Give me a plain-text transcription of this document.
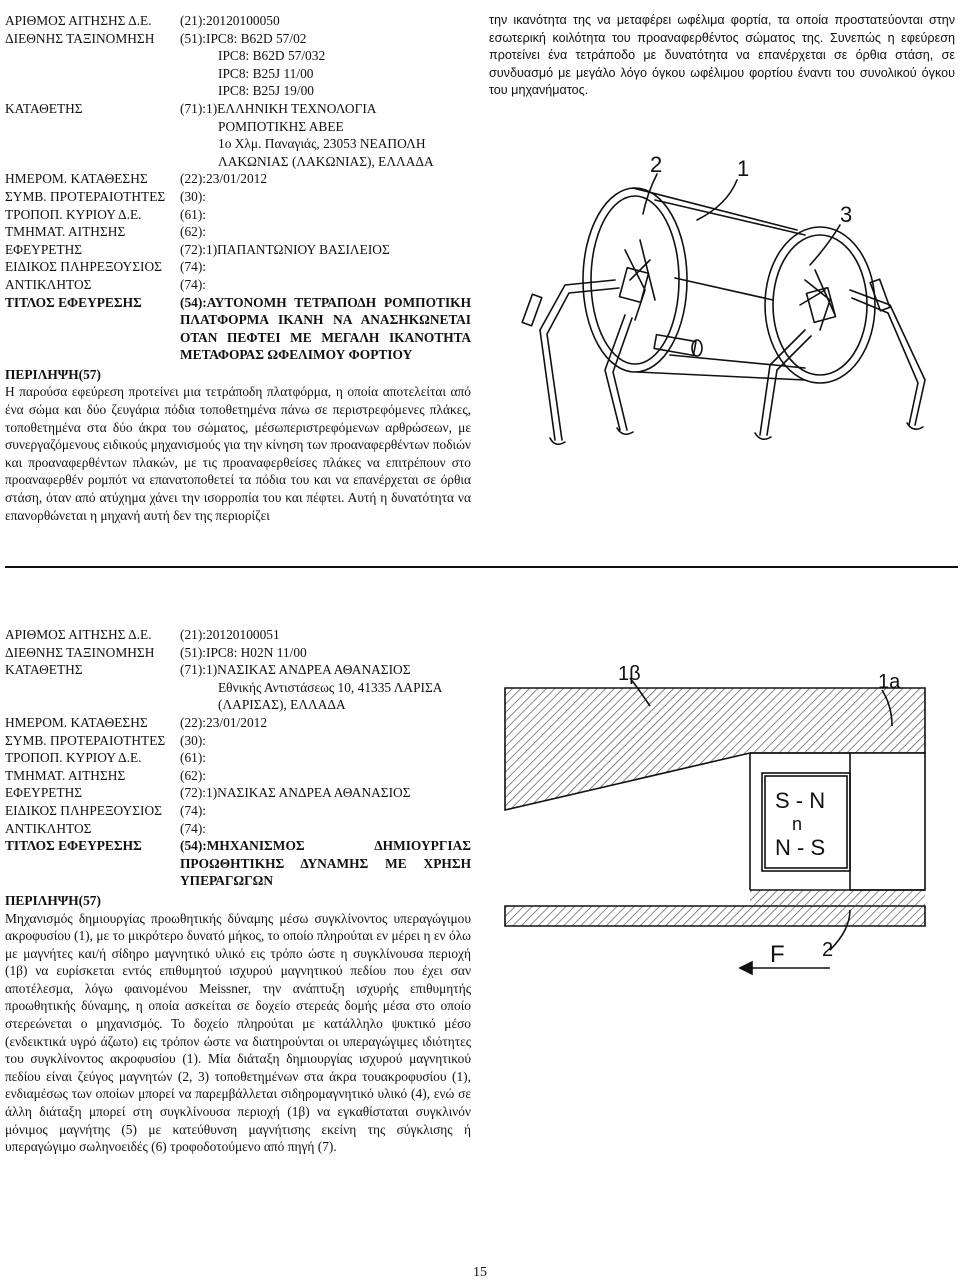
ΑΡΙΘΜΟΣ ΑΙΤΗΣΗΣ Δ.Ε.	(21):20120100050
ΔΙΕΘΝΗΣ ΤΑΞΙΝΟΜΗΣΗ	(51):IPC8: B62D 57/02
IPC8: B62D 57/032
IPC8: B25J 11/00
IPC8: B25J 19/00
ΚΑΤΑΘΕΤΗΣ	(71):1)ΕΛΛΗΝΙΚΗ ΤΕΧΝΟΛΟΓΙΑ
ΡΟΜΠΟΤΙΚΗΣ ΑΒΕΕ
1ο Χλμ. Παναγιάς, 23053 ΝΕΑΠΟΛΗ
ΛΑΚΩΝΙΑΣ (ΛΑΚΩΝΙΑΣ), ΕΛΛΑΔΑ
ΗΜΕΡΟΜ. ΚΑΤΑΘΕΣΗΣ	(22):23/01/2012
ΣΥΜΒ. ΠΡΟΤΕΡΑΙΟΤΗΤΕΣ	(30):
ΤΡΟΠΟΠ. ΚΥΡΙΟΥ Δ.Ε.	(61):
ΤΜΗΜΑΤ. ΑΙΤΗΣΗΣ	(62):
ΕΦΕΥΡΕΤΗΣ	(72):1)ΠΑΠΑΝΤΩΝΙΟΥ ΒΑΣΙΛΕΙΟΣ
ΕΙΔΙΚΟΣ ΠΛΗΡΕΞΟΥΣΙΟΣ	(74):
ΑΝΤΙΚΛΗΤΟΣ	(74):
ΤΙΤΛΟΣ ΕΦΕΥΡΕΣΗΣ	(54):ΑΥΤΟΝΟΜΗ ΤΕΤΡΑΠΟΔΗ ΡΟΜΠΟΤΙΚΗ ΠΛΑΤΦΟΡΜΑ ΙΚΑΝΗ ΝΑ ΑΝΑΣΗΚΩΝΕΤΑΙ ΟΤΑΝ ΠΕΦΤΕΙ ΜΕ ΜΕΓΑΛΗ ΙΚΑΝΟΤΗΤΑ ΜΕΤΑΦΟΡΑΣ ΩΦΕΛΙΜΟΥ ΦΟΡΤΙΟΥ
ΠΕΡΙΛΗΨΗ(57)

Η παρούσα εφεύρεση προτείνει μια τετράποδη πλατφόρμα, η οποία αποτελείται από ένα σώμα και δύο ζευγάρια πόδια τοποθετημένα πάνω σε περιστρεφόμενες πλάκες, τοποθετημένα στα δύο άκρα του σώματος, μέσωπεριστρεφόμενων αρθρώσεων, με συνεργαζόμενους ειδικούς μηχανισμούς για την κίνηση των προαναφερθέντων ποδιών και προαναφερθέντων πλακών, με τις προαναφερθείσες πλάκες να επιτρέπουν στο προαναφερθέν ρομπότ να επανατοποθετεί τα πόδια του και να επανέρχεται σε όρθια στάση, όταν από ατύχημα χάνει την ισορροπία του και πέφτει. Αυτή η δυνατότητα να επανορθώνεται η μηχανή αυτή δεν της περιορίζει

την ικανότητα της να μεταφέρει ωφέλιμα φορτία, τα οποία προστατεύονται στην εσωτερική κοιλότητα του προαναφερθέντος σώματος της. Συνεπώς η εφεύρεση προτείνει ένα τετράποδο με δυνατότητα να επανέρχεται σε όρθια στάση, σε συνδυασμό με μεγάλο λόγο όγκου ωφέλιμου φορτίου έναντι του συνολικού όγκου του μηχανήματος.

2	1
3
ΑΡΙΘΜΟΣ ΑΙΤΗΣΗΣ Δ.Ε.	(21):20120100051
ΔΙΕΘΝΗΣ ΤΑΞΙΝΟΜΗΣΗ	(51):IPC8: H02N 11/00
ΚΑΤΑΘΕΤΗΣ	(71):1)ΝΑΣΙΚΑΣ ΑΝΔΡΕΑ ΑΘΑΝΑΣΙΟΣ
Εθνικής Αντιστάσεως 10, 41335 ΛΑΡΙΣΑ
(ΛΑΡΙΣΑΣ), ΕΛΛΑΔΑ
ΗΜΕΡΟΜ. ΚΑΤΑΘΕΣΗΣ	(22):23/01/2012
ΣΥΜΒ. ΠΡΟΤΕΡΑΙΟΤΗΤΕΣ	(30):
ΤΡΟΠΟΠ. ΚΥΡΙΟΥ Δ.Ε.	(61):
ΤΜΗΜΑΤ. ΑΙΤΗΣΗΣ	(62):
ΕΦΕΥΡΕΤΗΣ	(72):1)ΝΑΣΙΚΑΣ ΑΝΔΡΕΑ ΑΘΑΝΑΣΙΟΣ
ΕΙΔΙΚΟΣ ΠΛΗΡΕΞΟΥΣΙΟΣ	(74):
ΑΝΤΙΚΛΗΤΟΣ	(74):
ΤΙΤΛΟΣ ΕΦΕΥΡΕΣΗΣ	(54):ΜΗΧΑΝΙΣΜΟΣ ΔΗΜΙΟΥΡΓΙΑΣ ΠΡΟΩΘΗΤΙΚΗΣ ΔΥΝΑΜΗΣ ΜΕ ΧΡΗΣΗ ΥΠΕΡΑΓΩΓΩΝ
ΠΕΡΙΛΗΨΗ(57)

Μηχανισμός δημιουργίας προωθητικής δύναμης μέσω συγκλίνοντος υπεραγώγιμου ακροφυσίου (1), με το μικρότερο δυνατό μήκος, το οποίο πληρούται εν μέρει η εν όλω με μαγνήτες και/ή σίδηρο μαγνητικό υλικό εις τρόπο ώστε η συγκλίνουσα περιοχή (1β) να ευρίσκεται εντός επιθυμητού ισχυρού μαγνητικού πεδίου που έχει σαν αποτέλεσμα, λόγω φαινομένου Meissner, την ανάπτυξη ισχυρής επιθυμητής προωθητικής δύναμης, η οποία ασκείται σε δοχείο στερεάς δομής μέσα στο οποίο στερεώνεται ο μηχανισμός. Το δοχείο πληρούται με κατάλληλο ψυκτικό μέσο (ενδεικτικά υγρό άζωτο) εις τρόπον ώστε να διατηρούνται οι υπεραγώγιμες ιδιότητες του συγκλίνοντος ακροφυσίου (1). Μία διάταξη δημιουργίας ισχυρού μαγνητικού πεδίου είναι ζεύγος μαγνητών (2, 3) τοποθετημένων στα άκρα τουακροφυσίου (1), ενδιαμέσως των οποίων μπορεί να παρεμβάλλεται σιδηρομαγνητικό υλικό (4), ενώ σε άλλη διάταξη μπορεί στη συγκλίνουσα περιοχή (1β) να εγκαθίσταται συγκλινόν μόνιμος μαγνήτης (5) με κατεύθυνση μαγνήτισης εκείνη της σύγκλισης ή υπεραγώγιμο σωληνοειδές (6) τροφοδοτούμενο από πηγή (7).

1β	1a
S - N
n
N - S
2
F
15
